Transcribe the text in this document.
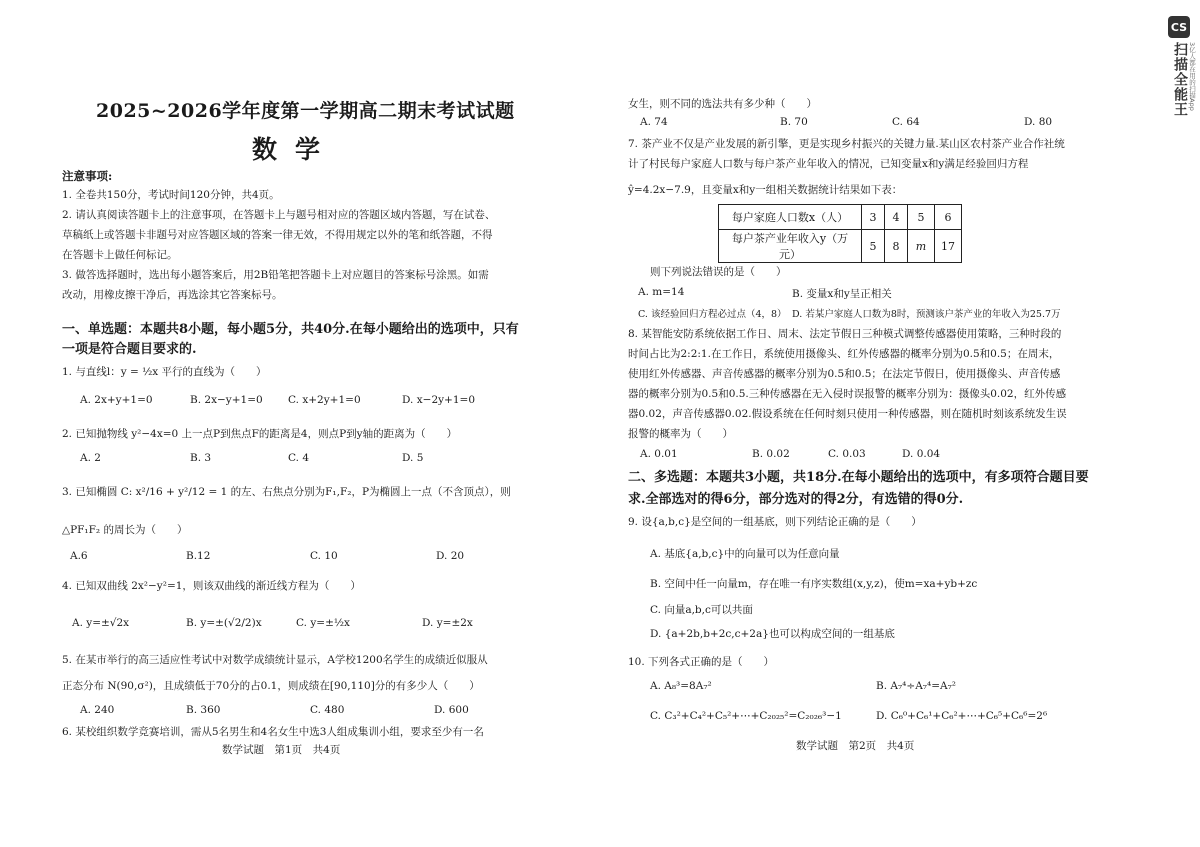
2025~2026学年度第一学期高二期末考试试题
数学
注意事项:
1. 全卷共150分，考试时间120分钟，共4页。
2. 请认真阅读答题卡上的注意事项，在答题卡上与题号相对应的答题区域内答题，写在试卷、
草稿纸上或答题卡非题号对应答题区域的答案一律无效，不得用规定以外的笔和纸答题，不得
在答题卡上做任何标记。
3. 做答选择题时，选出每小题答案后，用2B铅笔把答题卡上对应题目的答案标号涂黑。如需
改动，用橡皮擦干净后，再选涂其它答案标号。
一、单选题：本题共8小题，每小题5分，共40分.在每小题给出的选项中，只有
一项是符合题目要求的.
1. 与直线l：y = ½x 平行的直线为（　　）
A. 2x+y+1=0	B. 2x−y+1=0 C. x+2y+1=0	D. x−2y+1=0
2. 已知抛物线 y²−4x=0 上一点P到焦点F的距离是4，则点P到y轴的距离为（　　）
A. 2	B. 3	C. 4	D. 5
3. 已知椭圆 C: x²/16 + y²/12 = 1 的左、右焦点分别为F₁,F₂，P为椭圆上一点（不含顶点），则
△PF₁F₂ 的周长为（　　）
A.6	B.12	C. 10	D. 20
4. 已知双曲线 2x²−y²=1，则该双曲线的渐近线方程为（　　）
A. y=±√2x	B. y=±(√2/2)x	C. y=±½x	D. y=±2x
5. 在某市举行的高三适应性考试中对数学成绩统计显示，A学校1200名学生的成绩近似服从
正态分布 N(90,σ²)，且成绩低于70分的占0.1，则成绩在[90,110]分的有多少人（　　）
A. 240	B. 360	C. 480	D. 600
6. 某校组织数学竞赛培训，需从5名男生和4名女生中选3人组成集训小组，要求至少有一名
数学试题　第1页　共4页
女生，则不同的选法共有多少种（　　）
A. 74	B. 70	C. 64	D. 80
7. 茶产业不仅是产业发展的新引擎，更是实现乡村振兴的关键力量.某山区农村茶产业合作社统
计了村民每户家庭人口数与每户茶产业年收入的情况，已知变量x和y满足经验回归方程
ŷ=4.2x−7.9，且变量x和y一组相关数据统计结果如下表：
每户家庭人口数x（人）	3	4	5	6
每户茶产业年收入y（万元）	5	8	m	17
则下列说法错误的是（　　）
A. m=14	B. 变量x和y呈正相关
C. 该经验回归方程必过点（4，8） D. 若某户家庭人口数为8时，预测该户茶产业的年收入为25.7万
8. 某智能安防系统依据工作日、周末、法定节假日三种模式调整传感器使用策略，三种时段的
时间占比为2:2:1.在工作日，系统使用摄像头、红外传感器的概率分别为0.5和0.5；在周末，
使用红外传感器、声音传感器的概率分别为0.5和0.5；在法定节假日，使用摄像头、声音传感
器的概率分别为0.5和0.5.三种传感器在无入侵时误报警的概率分别为：摄像头0.02，红外传感
器0.02，声音传感器0.02.假设系统在任何时刻只使用一种传感器，则在随机时刻该系统发生误
报警的概率为（　　）
A. 0.01	B. 0.02	C. 0.03	D. 0.04
二、多选题：本题共3小题，共18分.在每小题给出的选项中，有多项符合题目要
求.全部选对的得6分，部分选对的得2分，有选错的得0分.
9. 设{a,b,c}是空间的一组基底，则下列结论正确的是（　　）
A. 基底{a,b,c}中的向量可以为任意向量
B. 空间中任一向量m，存在唯一有序实数组(x,y,z)，使m=xa+yb+zc
C. 向量a,b,c可以共面
D. {a+2b,b+2c,c+2a}也可以构成空间的一组基底
10. 下列各式正确的是（　　）
A. A₈³=8A₇²	B. A₇⁴÷A₇⁴=A₇²
C. C₃²+C₄²+C₅²+⋯+C₂₀₂₅²=C₂₀₂₆³−1	D. C₆⁰+C₆¹+C₆²+⋯+C₆⁵+C₆⁶=2⁶
数学试题　第2页　共4页
CS
扫描全能王 3亿人都在用的扫描App
